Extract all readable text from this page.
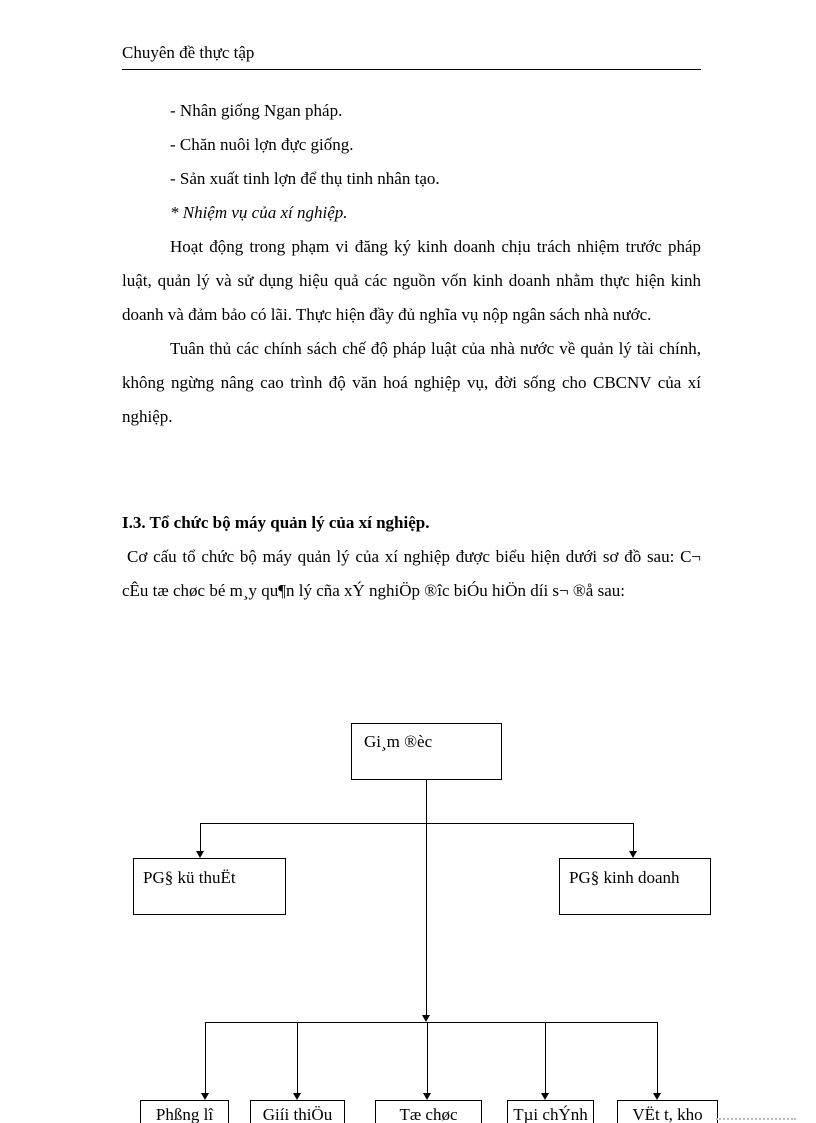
Chuyên đề thực tập
- Nhân giống Ngan pháp.
- Chăn nuôi lợn đực giống.
- Sản xuất tinh lợn để thụ tinh nhân tạo.
* Nhiệm vụ của xí nghiệp.

Hoạt động trong phạm vi đăng ký kinh doanh chịu trách nhiệm trước pháp luật, quản lý và sử dụng hiệu quả các nguồn vốn kinh doanh nhằm thực hiện kinh doanh và đảm bảo có lãi. Thực hiện đầy đủ nghĩa vụ nộp ngân sách nhà nước.

Tuân thủ các chính sách chế độ pháp luật của nhà nước về quản lý tài chính, không ngừng nâng cao trình độ văn hoá nghiệp vụ, đời sống cho CBCNV của xí nghiệp.

I.3. Tổ chức bộ máy quản lý của xí nghiệp.

Cơ cấu tổ chức bộ máy quản lý của xí nghiệp được biểu hiện dưới sơ đồ sau: C¬ cÊu tæ chøc bé m¸y qu¶n lý cña xÝ nghiÖp ®îc biÓu hiÖn díi s¬ ®å sau:

Gi¸m ®èc
PG§ kü thuËt	PG§ kinh doanh
Phßng lî	Giíi thiÖu	Tæ chøc	Tµi chÝnh	VËt t, kho
